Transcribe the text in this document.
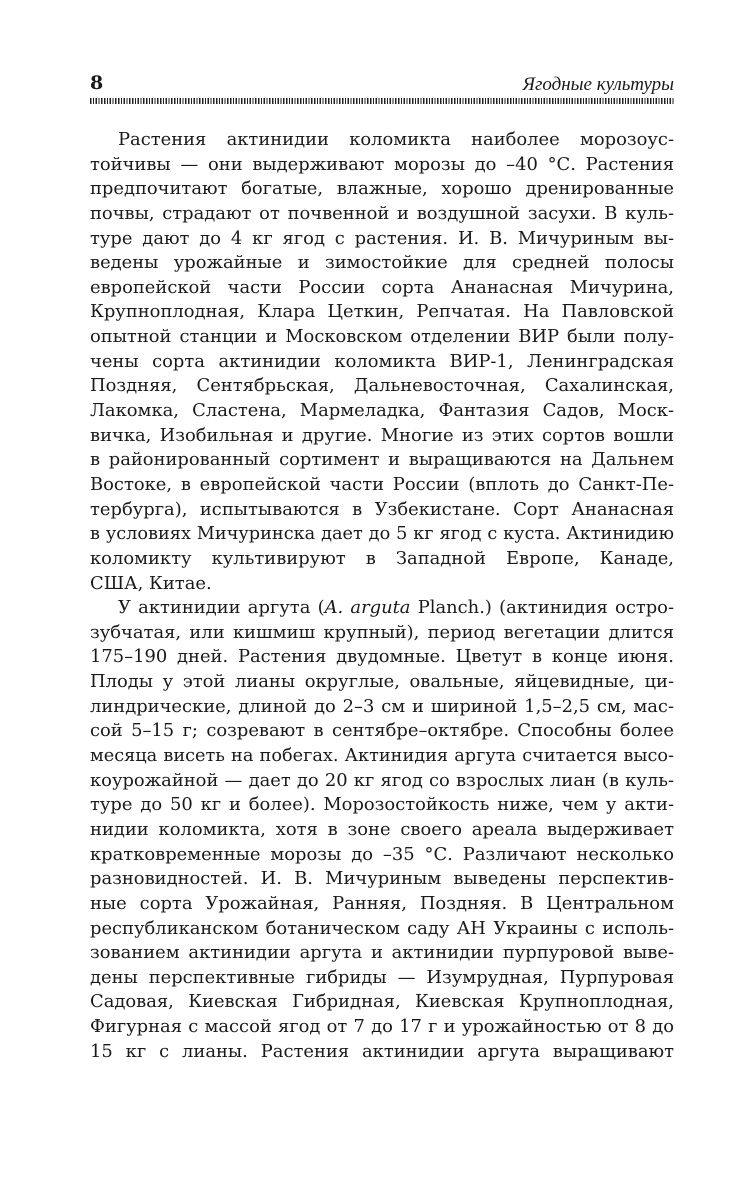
8	Ягодные культуры
Растения актинидии коломикта наиболее морозоус-
тойчивы — они выдерживают морозы до –40 °С. Растения
предпочитают богатые, влажные, хорошо дренированные
почвы, страдают от почвенной и воздушной засухи. В куль-
туре дают до 4 кг ягод с растения. И. В. Мичуриным вы-
ведены урожайные и зимостойкие для средней полосы
европейской части России сорта Ананасная Мичурина,
Крупноплодная, Клара Цеткин, Репчатая. На Павловской
опытной станции и Московском отделении ВИР были полу-
чены сорта актинидии коломикта ВИР-1, Ленинградская
Поздняя, Сентябрьская, Дальневосточная, Сахалинская,
Лакомка, Сластена, Мармеладка, Фантазия Садов, Моск-
вичка, Изобильная и другие. Многие из этих сортов вошли
в районированный сортимент и выращиваются на Дальнем
Востоке, в европейской части России (вплоть до Санкт-Пе-
тербурга), испытываются в Узбекистане. Сорт Ананасная
в условиях Мичуринска дает до 5 кг ягод с куста. Актинидию
коломикту культивируют в Западной Европе, Канаде,
США, Китае.
У актинидии аргута (A. arguta Planch.) (актинидия остро-
зубчатая, или кишмиш крупный), период вегетации длится
175–190 дней. Растения двудомные. Цветут в конце июня.
Плоды у этой лианы округлые, овальные, яйцевидные, ци-
линдрические, длиной до 2–3 см и шириной 1,5–2,5 см, мас-
сой 5–15 г; созревают в сентябре–октябре. Способны более
месяца висеть на побегах. Актинидия аргута считается высо-
коурожайной — дает до 20 кг ягод со взрослых лиан (в куль-
туре до 50 кг и более). Морозостойкость ниже, чем у акти-
нидии коломикта, хотя в зоне своего ареала выдерживает
кратковременные морозы до –35 °С. Различают несколько
разновидностей. И. В. Мичуриным выведены перспектив-
ные сорта Урожайная, Ранняя, Поздняя. В Центральном
республиканском ботаническом саду АН Украины с исполь-
зованием актинидии аргута и актинидии пурпуровой выве-
дены перспективные гибриды — Изумрудная, Пурпуровая
Садовая, Киевская Гибридная, Киевская Крупноплодная,
Фигурная с массой ягод от 7 до 17 г и урожайностью от 8 до
15 кг с лианы. Растения актинидии аргута выращивают
